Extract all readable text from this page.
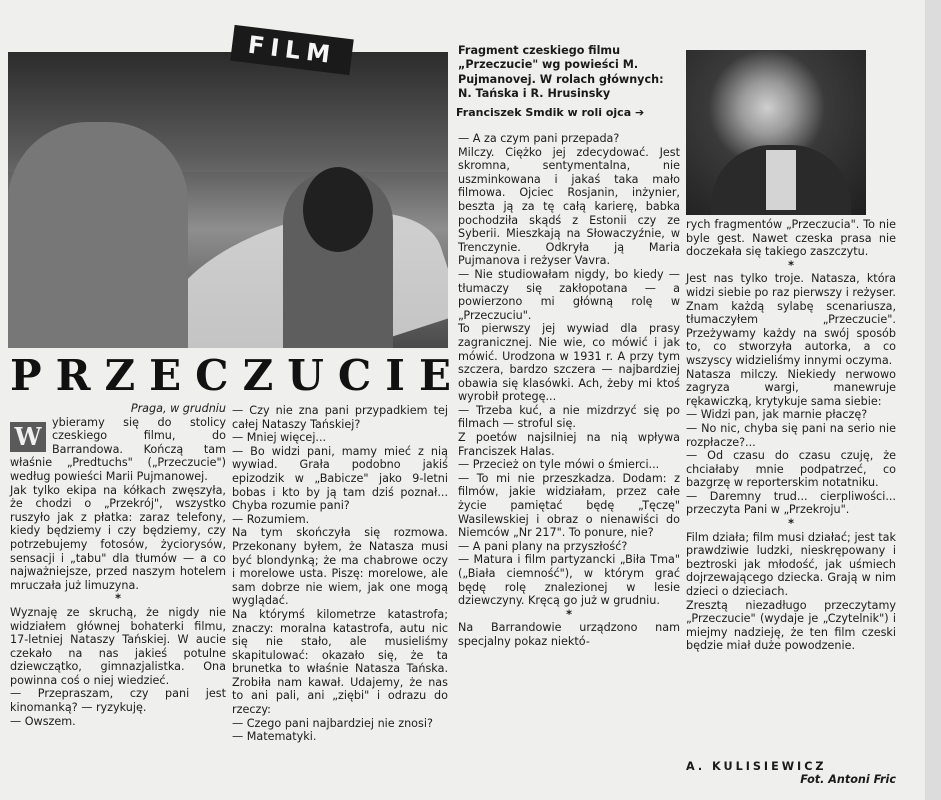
FILM	Fragment czeskiego filmu „Przeczucie" wg powieści M. Pujmanovej. W rolach głównych: N. Tańska i R. Hrusinsky

Franciszek Smdik w roli ojca ➔
PRZECZUCIE

Praga, w grudniu

W ybieramy się do stolicy czeskiego filmu, do Barrandowa. Kończą tam właśnie „Predtuchs" („Przeczucie") według powieści Marii Pujmanowej.

Jak tylko ekipa na kółkach zwęszyła, że chodzi o „Przekrój", wszystko ruszyło jak z płatka: zaraz telefony, kiedy będziemy i czy będziemy, czy potrzebujemy fotosów, życiorysów, sensacji i „tabu" dla tłumów — a co najważniejsze, przed naszym hotelem mruczała już limuzyna.

*

Wyznaję ze skruchą, że nigdy nie widziałem głównej bohaterki filmu, 17-letniej Nataszy Tańskiej. W aucie czekało na nas jakieś potulne dziewczątko, gimnazjalistka. Ona powinna coś o niej wiedzieć.

— Przepraszam, czy pani jest kinomanką? — ryzykuję.

— Owszem.

— Czy nie zna pani przypadkiem tej całej Nataszy Tańskiej?

— Mniej więcej...

— Bo widzi pani, mamy mieć z nią wywiad. Grała podobno jakiś epizodzik w „Babicze" jako 9-letni bobas i kto by ją tam dziś poznał... Chyba rozumie pani?

— Rozumiem.

Na tym skończyła się rozmowa. Przekonany byłem, że Natasza musi być blondynką; że ma chabrowe oczy i morelowe usta. Piszę: morelowe, ale sam dobrze nie wiem, jak one mogą wyglądać.

Na którymś kilometrze katastrofa; znaczy: moralna katastrofa, autu nic się nie stało, ale musieliśmy skapitulować: okazało się, że ta brunetka to właśnie Natasza Tańska. Zrobiła nam kawał. Udajemy, że nas to ani pali, ani „ziębi" i odrazu do rzeczy:

— Czego pani najbardziej nie znosi?

— Matematyki.

— A za czym pani przepada?

Milczy. Ciężko jej zdecydować. Jest skromna, sentymentalna, nie uszminkowana i jakaś taka mało filmowa. Ojciec Rosjanin, inżynier, beszta ją za tę całą karierę, babka pochodziła skądś z Estonii czy ze Syberii. Mieszkają na Słowaczyźnie, w Trenczynie. Odkryła ją Maria Pujmanova i reżyser Vavra.

— Nie studiowałam nigdy, bo kiedy — tłumaczy się zakłopotana — a powierzono mi główną rolę w „Przeczuciu".

To pierwszy jej wywiad dla prasy zagranicznej. Nie wie, co mówić i jak mówić. Urodzona w 1931 r. A przy tym szczera, bardzo szczera — najbardziej obawia się klasówki. Ach, żeby mi ktoś wyrobił protegę...

— Trzeba kuć, a nie mizdrzyć się po filmach — stroful się.

Z poetów najsilniej na nią wpływa Franciszek Halas.

— Przecież on tyle mówi o śmierci...

— To mi nie przeszkadza. Dodam: z filmów, jakie widziałam, przez całe życie pamiętać będę „Tęczę" Wasilewskiej i obraz o nienawiści do Niemców „Nr 217". To ponure, nie?

— A pani plany na przyszłość?

— Matura i film partyzancki „Biła Tma" („Biała ciemność"), w którym grać będę rolę znalezionej w lesie dziewczyny. Kręcą go już w grudniu.

*

Na Barrandowie urządzono nam specjalny pokaz niektó-

rych fragmentów „Przeczucia". To nie byle gest. Nawet czeska prasa nie doczekała się takiego zaszczytu.

*

Jest nas tylko troje. Natasza, która widzi siebie po raz pierwszy i reżyser. Znam każdą sylabę scenariusza, tłumaczyłem „Przeczucie". Przeżywamy każdy na swój sposób to, co stworzyła autorka, a co wszyscy widzieliśmy innymi oczyma.

Natasza milczy. Niekiedy nerwowo zagryza wargi, manewruje rękawiczką, krytykuje sama siebie:

— Widzi pan, jak marnie płaczę?

— No nic, chyba się pani na serio nie rozpłacze?...

— Od czasu do czasu czuję, że chciałaby mnie podpatrzeć, co bazgrzę w reporterskim notatniku.

— Daremny trud... cierpliwości... przeczyta Pani w „Przekroju".

*

Film działa; film musi działać; jest tak prawdziwie ludzki, nieskrępowany i beztroski jak młodość, jak uśmiech dojrzewającego dziecka. Grają w nim dzieci o dzieciach.

Zresztą niezadługo przeczytamy „Przeczucie" (wydaje je „Czytelnik") i miejmy nadzieję, że ten film czeski będzie miał duże powodzenie.

A. KULISIEWICZ
Fot. Antoni Fric
